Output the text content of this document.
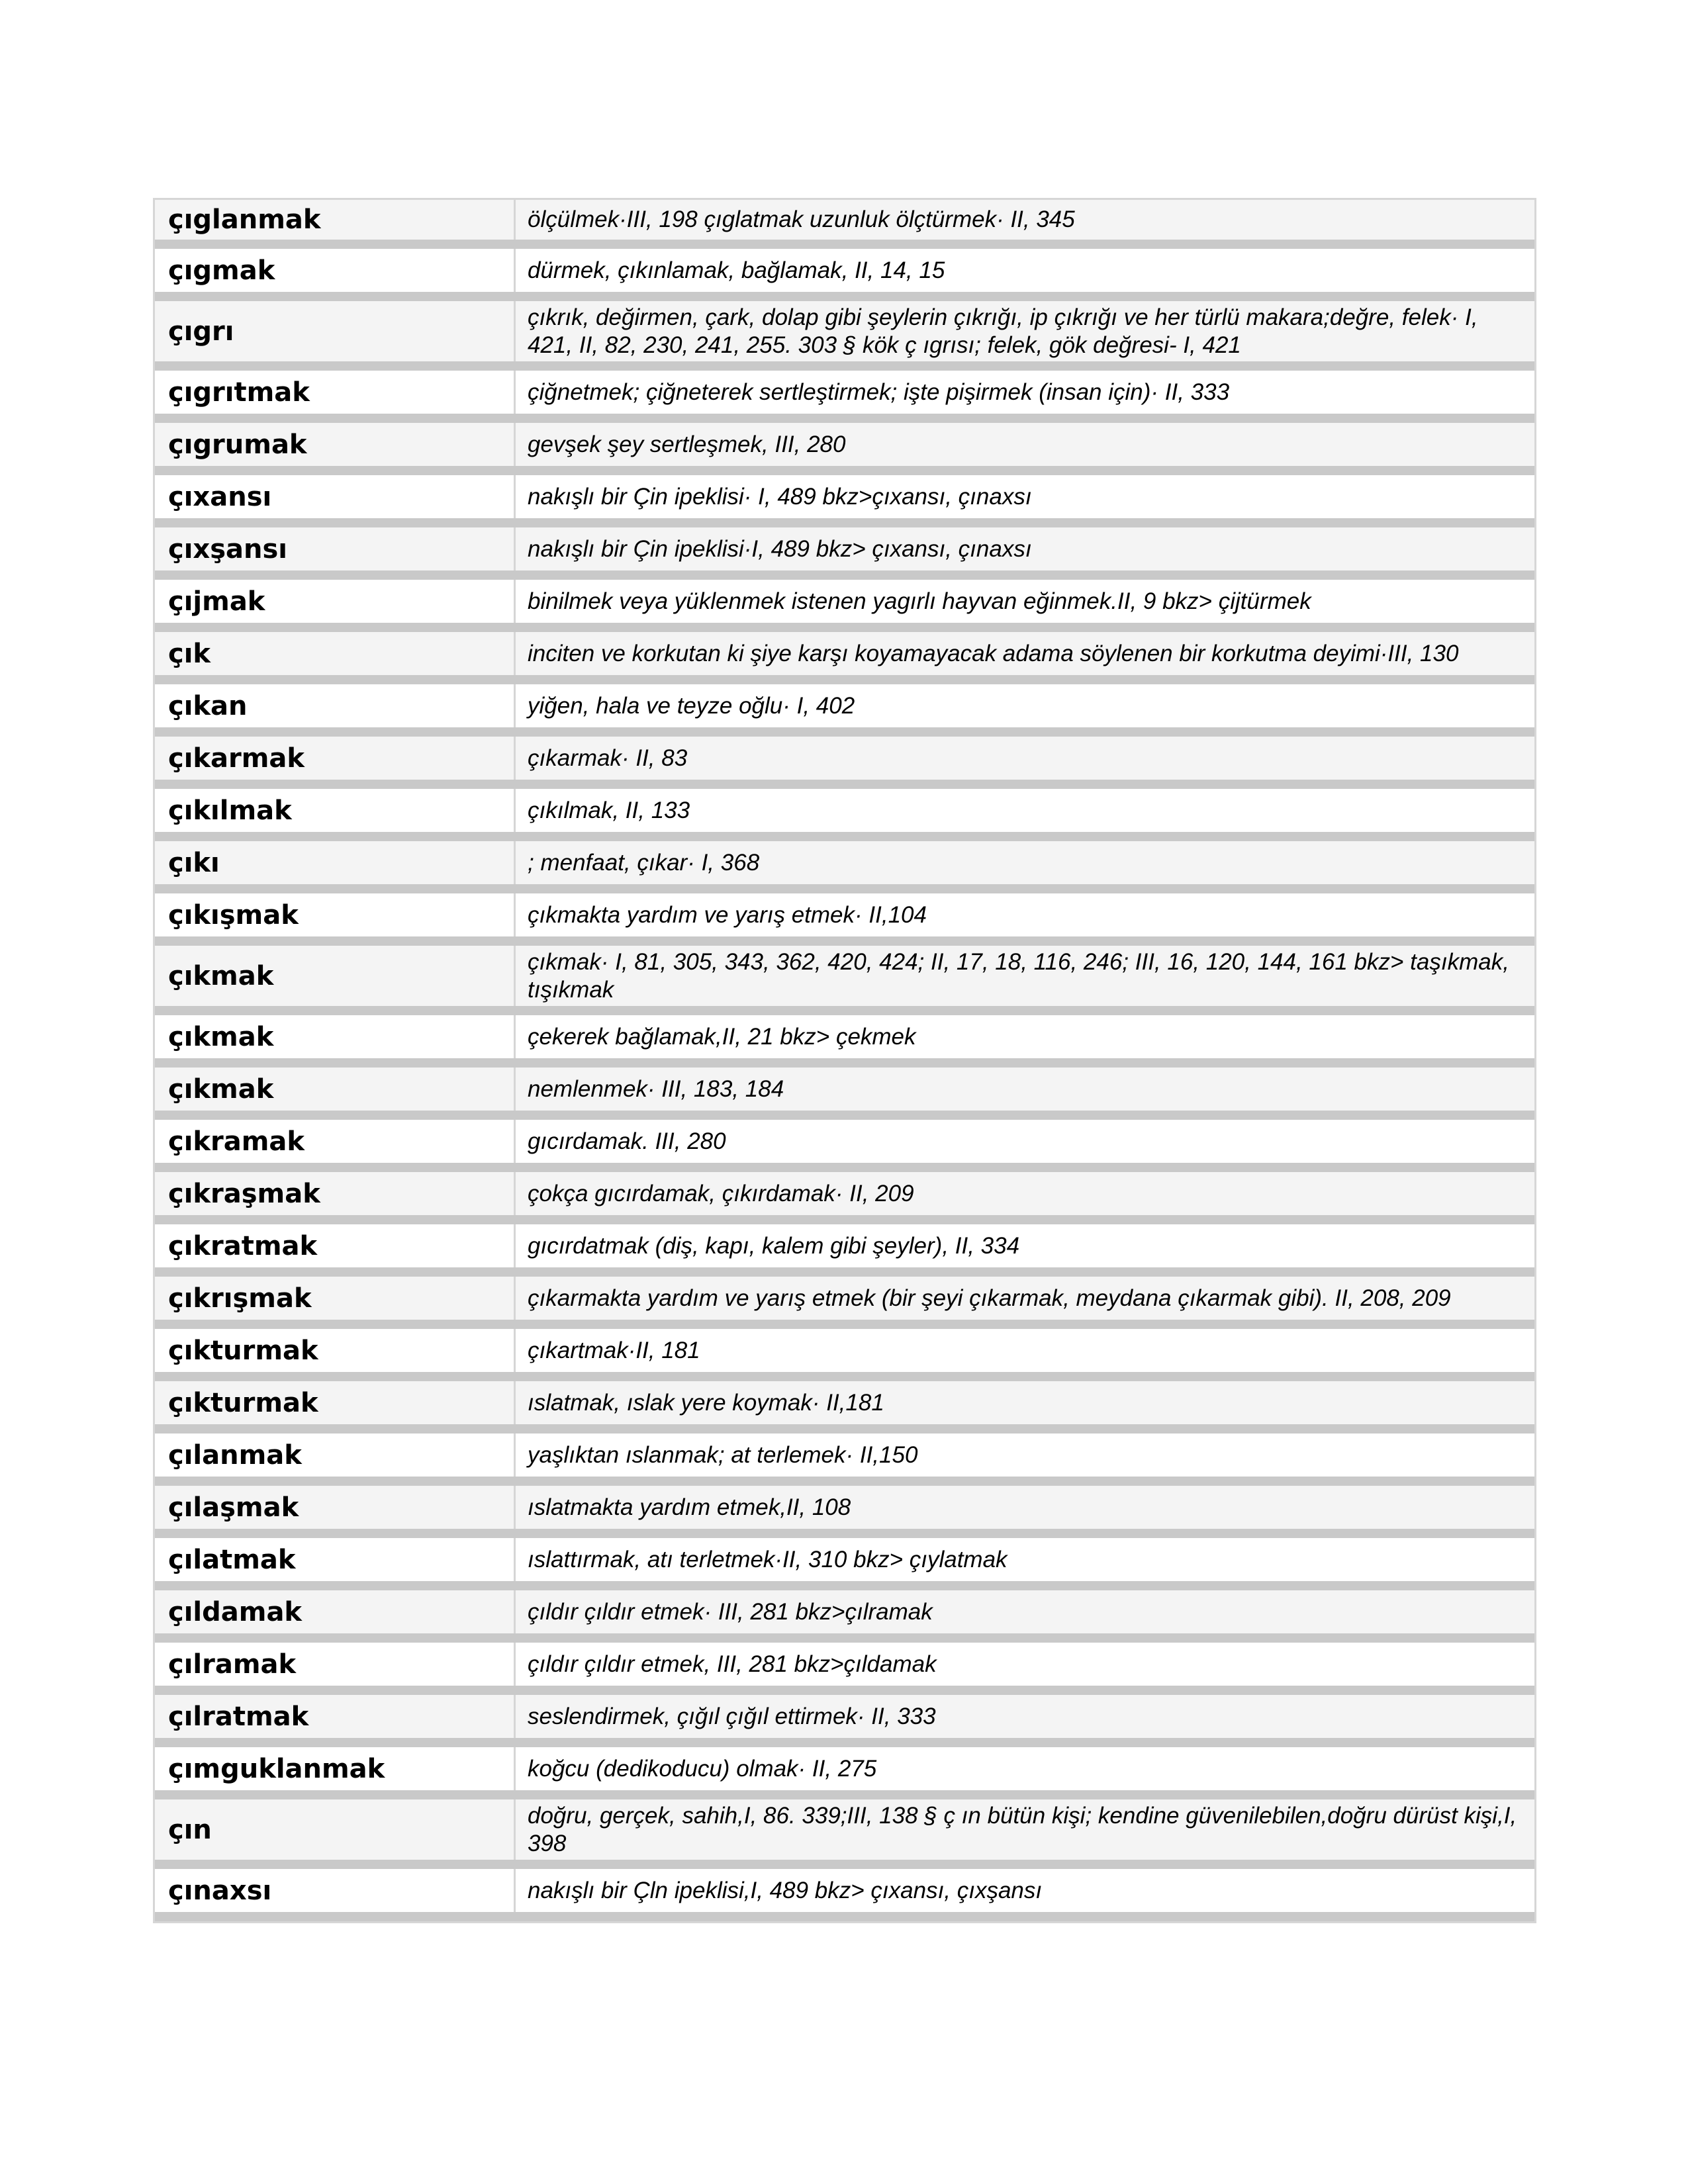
çıglanmak	ölçülmek·III, 198 çıglatmak uzunluk ölçtürmek· II, 345
çıgmak	dürmek, çıkınlamak, bağlamak, II, 14, 15
çıgrı	çıkrık, değirmen, çark, dolap gibi şeylerin çıkrığı, ip çıkrığı ve her türlü makara;değre, felek· I, 421, II, 82, 230, 241, 255. 303 § kök ç ıgrısı; felek, gök değresi- I, 421
çıgrıtmak	çiğnetmek; çiğneterek sertleştirmek; işte pişirmek (insan için)· II, 333
çıgrumak	gevşek şey sertleşmek, III, 280
çıxansı	nakışlı bir Çin ipeklisi· I, 489 bkz>çıxansı, çınaxsı
çıxşansı	nakışlı bir Çin ipeklisi·I, 489 bkz> çıxansı, çınaxsı
çıjmak	binilmek veya yüklenmek istenen yagırlı hayvan eğinmek.II, 9 bkz> çijtürmek
çık	inciten ve korkutan ki şiye karşı koyamayacak adama söylenen bir korkutma deyimi·III, 130
çıkan	yiğen, hala ve teyze oğlu· I, 402
çıkarmak	çıkarmak· II, 83
çıkılmak	çıkılmak, II, 133
çıkı	; menfaat, çıkar· I, 368
çıkışmak	çıkmakta yardım ve yarış etmek· II,104
çıkmak	çıkmak· I, 81, 305, 343, 362, 420, 424; II, 17, 18, 116, 246; III, 16, 120, 144, 161 bkz> taşıkmak, tışıkmak
çıkmak	çekerek bağlamak,II, 21 bkz> çekmek
çıkmak	nemlenmek· III, 183, 184
çıkramak	gıcırdamak. III, 280
çıkraşmak	çokça gıcırdamak, çıkırdamak· II, 209
çıkratmak	gıcırdatmak (diş, kapı, kalem gibi şeyler), II, 334
çıkrışmak	çıkarmakta yardım ve yarış etmek (bir şeyi çıkarmak, meydana çıkarmak gibi). II, 208, 209
çıkturmak	çıkartmak·II, 181
çıkturmak	ıslatmak, ıslak yere koymak· II,181
çılanmak	yaşlıktan ıslanmak; at terlemek· II,150
çılaşmak	ıslatmakta yardım etmek,II, 108
çılatmak	ıslattırmak, atı terletmek·II, 310 bkz> çıylatmak
çıldamak	çıldır çıldır etmek· III, 281 bkz>çılramak
çılramak	çıldır çıldır etmek, III, 281 bkz>çıldamak
çılratmak	seslendirmek, çığıl çığıl ettirmek· II, 333
çımguklanmak	koğcu (dedikoducu) olmak· II, 275
çın	doğru, gerçek, sahih,I, 86. 339;III, 138 § ç ın bütün kişi; kendine güvenilebilen,doğru dürüst kişi,I, 398
çınaxsı	nakışlı bir Çln ipeklisi,I, 489 bkz> çıxansı, çıxşansı
